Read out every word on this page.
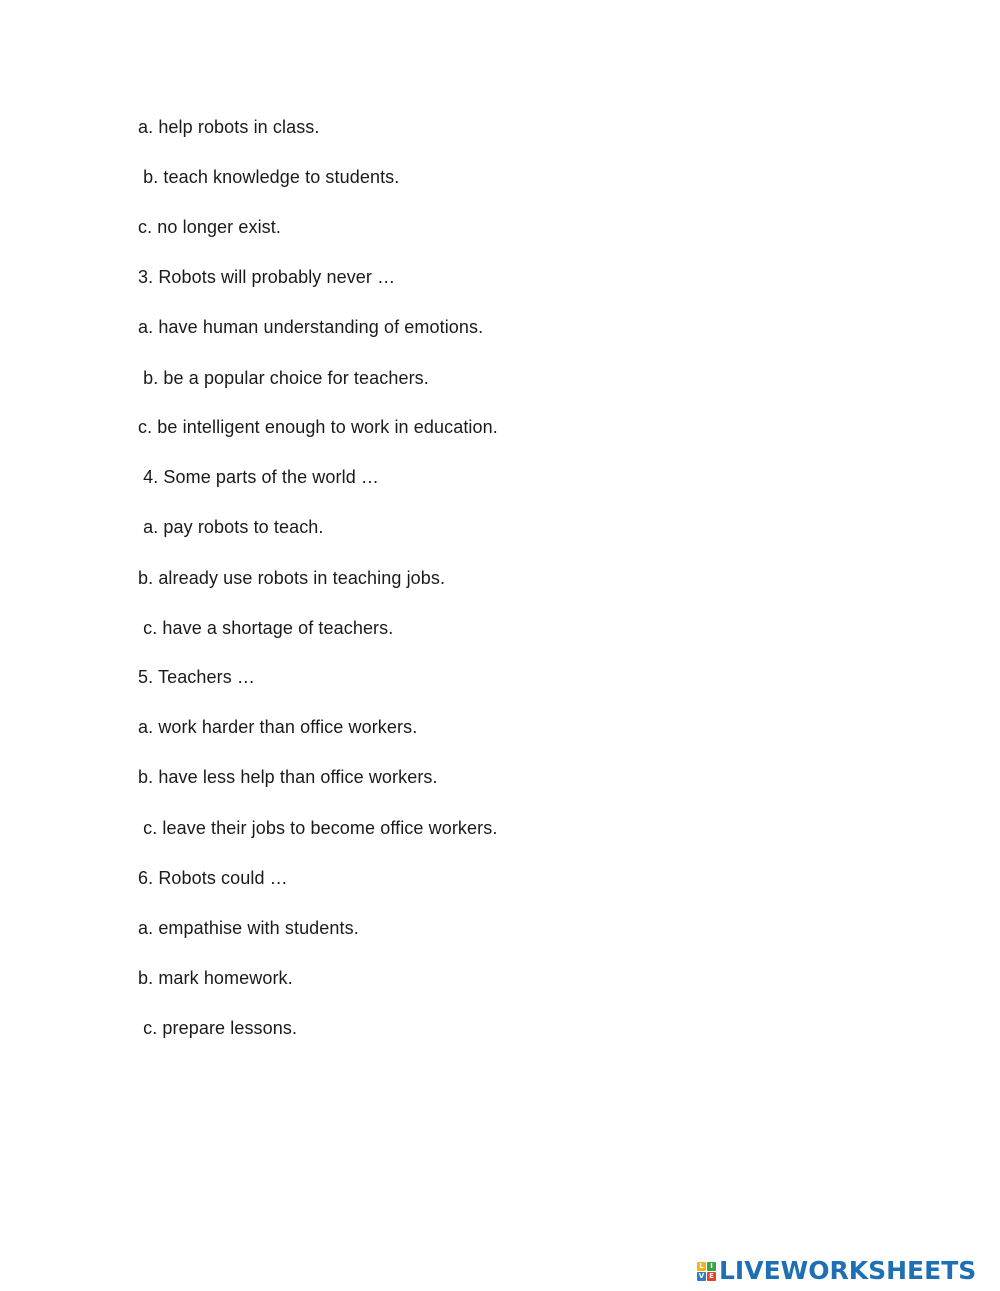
a. help robots in class.
b. teach knowledge to students.
c. no longer exist.
3. Robots will probably never …
a. have human understanding of emotions.
b. be a popular choice for teachers.
c. be intelligent enough to work in education.
4. Some parts of the world …
a. pay robots to teach.
b. already use robots in teaching jobs.
c. have a shortage of teachers.
5. Teachers …
a. work harder than office workers.
b. have less help than office workers.
c. leave their jobs to become office workers.
6. Robots could …
a. empathise with students.
b. mark homework.
c. prepare lessons.
L I
V E LIVEWORKSHEETS
